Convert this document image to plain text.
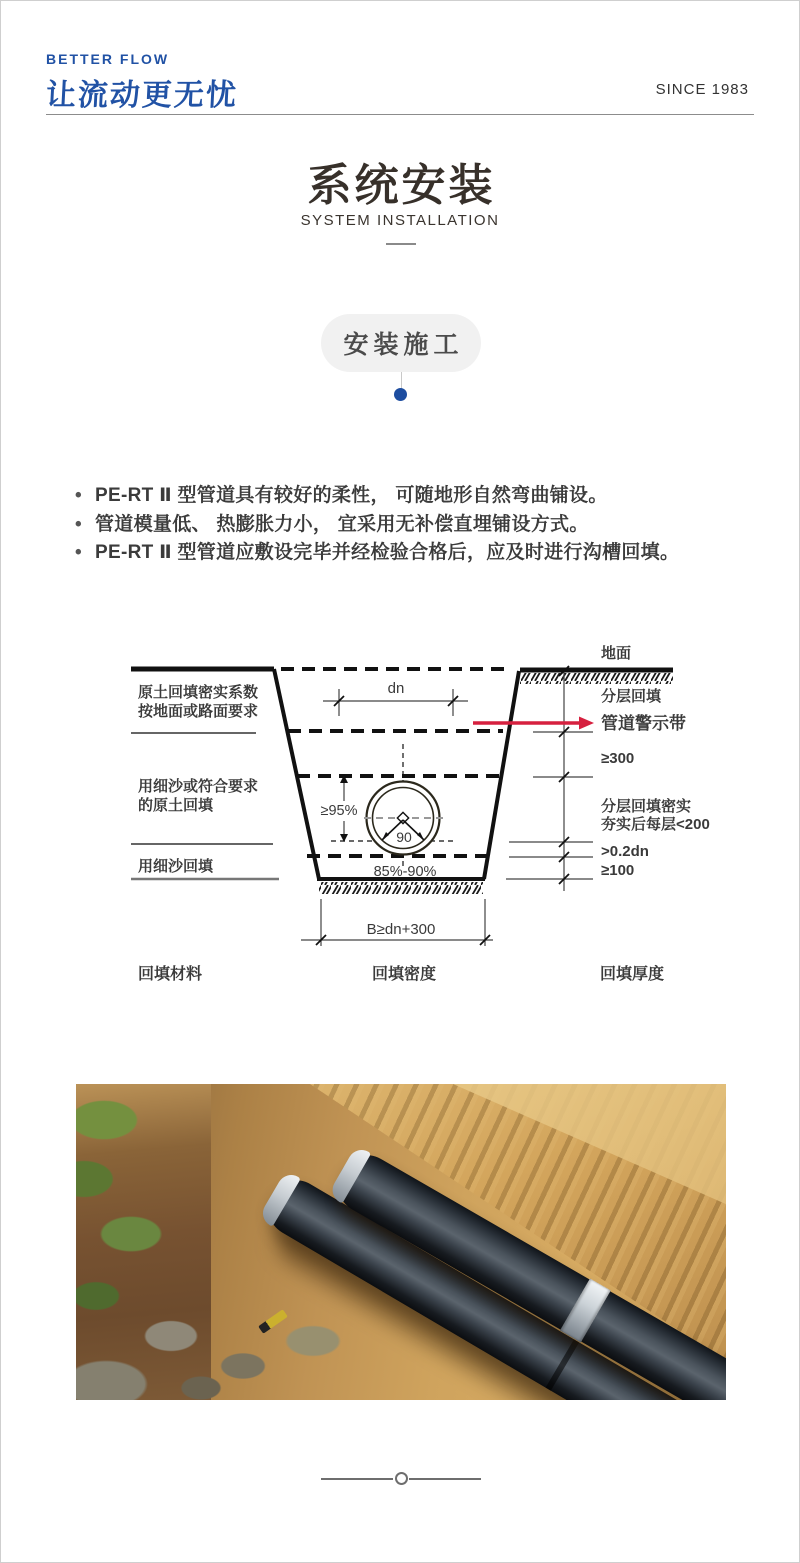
BETTER FLOW
让流动更无忧	SINCE 1983
系统安装
SYSTEM INSTALLATION
安装施工
• PE-RT Ⅱ 型管道具有较好的柔性， 可随地形自然弯曲铺设。
• 管道模量低、 热膨胀力小， 宜采用无补偿直埋铺设方式。
• PE-RT Ⅱ 型管道应敷设完毕并经检验合格后，应及时进行沟槽回填。
地面
dn
90
≥95%
85%-90%
B≥dn+300
原土回填密实系数
按地面或路面要求
用细沙或符合要求
的原土回填
用细沙回填
分层回填
管道警示带
≥300
分层回填密实
夯实后每层<200
>0.2dn
≥100
回填材料	回填密度	回填厚度
